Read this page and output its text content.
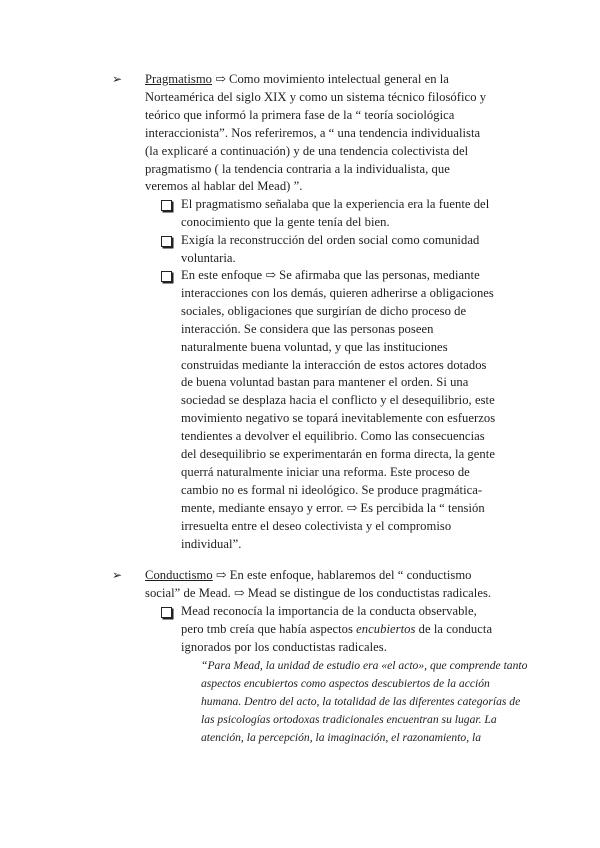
➢ Pragmatismo ⇨ Como movimiento intelectual general en la
Norteamérica del siglo XIX y como un sistema técnico filosófico y
teórico que informó la primera fase de la “ teoría sociológica
interaccionista”. Nos referiremos, a “ una tendencia individualista
(la explicaré a continuación) y de una tendencia colectivista del
pragmatismo ( la tendencia contraria a la individualista, que
veremos al hablar del Mead) ”.
El pragmatismo señalaba que la experiencia era la fuente del
conocimiento que la gente tenía del bien.
Exigía la reconstrucción del orden social como comunidad
voluntaria.
En este enfoque ⇨ Se afirmaba que las personas, mediante
interacciones con los demás, quieren adherirse a obligaciones
sociales, obligaciones que surgirían de dicho proceso de
interacción. Se considera que las personas poseen
naturalmente buena voluntad, y que las instituciones
construidas mediante la interacción de estos actores dotados
de buena voluntad bastan para mantener el orden. Si una
sociedad se desplaza hacia el conflicto y el desequilibrio, este
movimiento negativo se topará inevitablemente con esfuerzos
tendientes a devolver el equilibrio. Como las consecuencias
del desequilibrio se experimentarán en forma directa, la gente
querrá naturalmente iniciar una reforma. Este proceso de
cambio no es formal ni ideológico. Se produce pragmática-
mente, mediante ensayo y error. ⇨ Es percibida la “ tensión
irresuelta entre el deseo colectivista y el compromiso
individual”.
➢ Conductismo ⇨ En este enfoque, hablaremos del “ conductismo
social” de Mead. ⇨ Mead se distingue de los conductistas radicales.
Mead reconocía la importancia de la conducta observable,
pero tmb creía que había aspectos encubiertos de la conducta
ignorados por los conductistas radicales.
“Para Mead, la unidad de estudio era «el acto», que comprende tanto
aspectos encubiertos como aspectos descubiertos de la acción
humana. Dentro del acto, la totalidad de las diferentes categorías de
las psicologías ortodoxas tradicionales encuentran su lugar. La
atención, la percepción, la imaginación, el razonamiento, la
